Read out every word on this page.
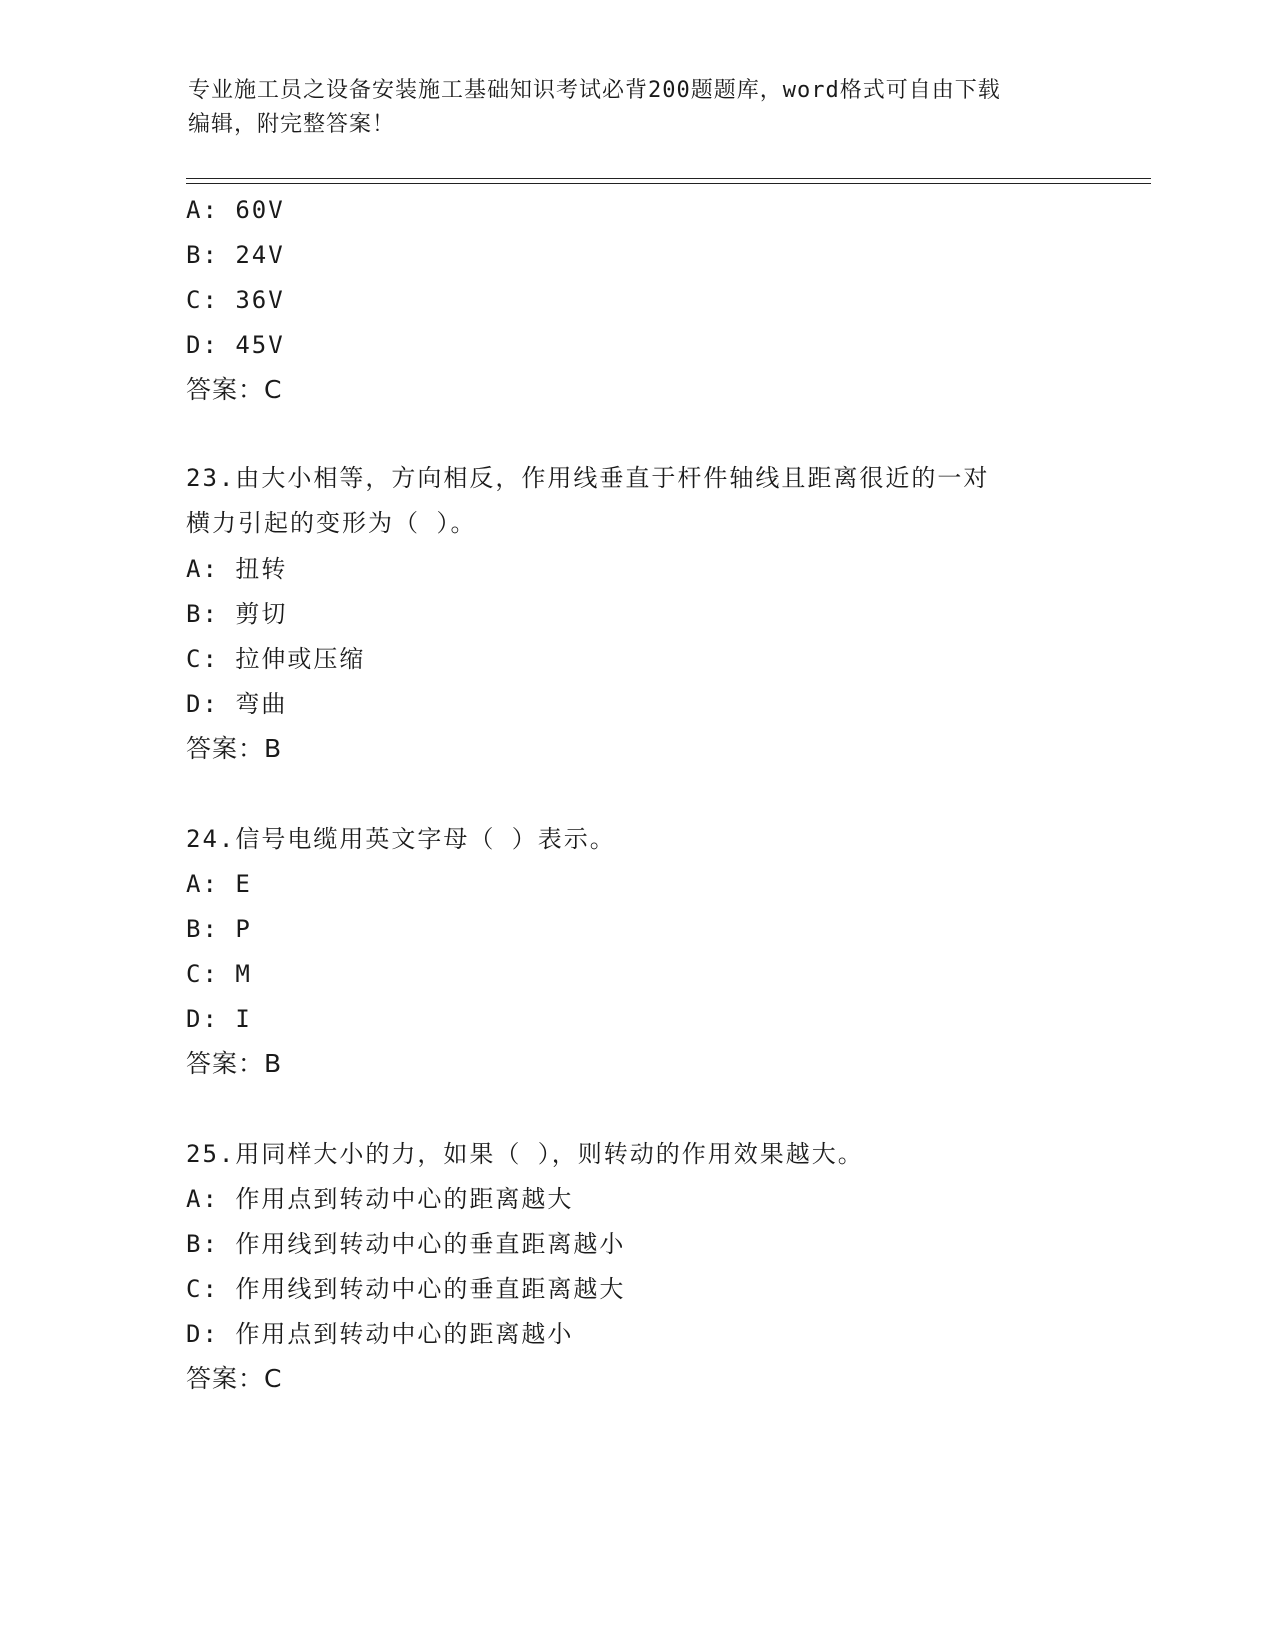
专业施工员之设备安装施工基础知识考试必背200题题库，word格式可自由下载
编辑，附完整答案！
A: 60V
B: 24V
C: 36V
D: 45V
答案：C
23.由大小相等，方向相反，作用线垂直于杆件轴线且距离很近的一对
横力引起的变形为（ ）。
A: 扭转
B: 剪切
C: 拉伸或压缩
D: 弯曲
答案：B
24.信号电缆用英文字母（ ）表示。
A: E
B: P
C: M
D: I
答案：B
25.用同样大小的力，如果（ ），则转动的作用效果越大。
A: 作用点到转动中心的距离越大
B: 作用线到转动中心的垂直距离越小
C: 作用线到转动中心的垂直距离越大
D: 作用点到转动中心的距离越小
答案：C
